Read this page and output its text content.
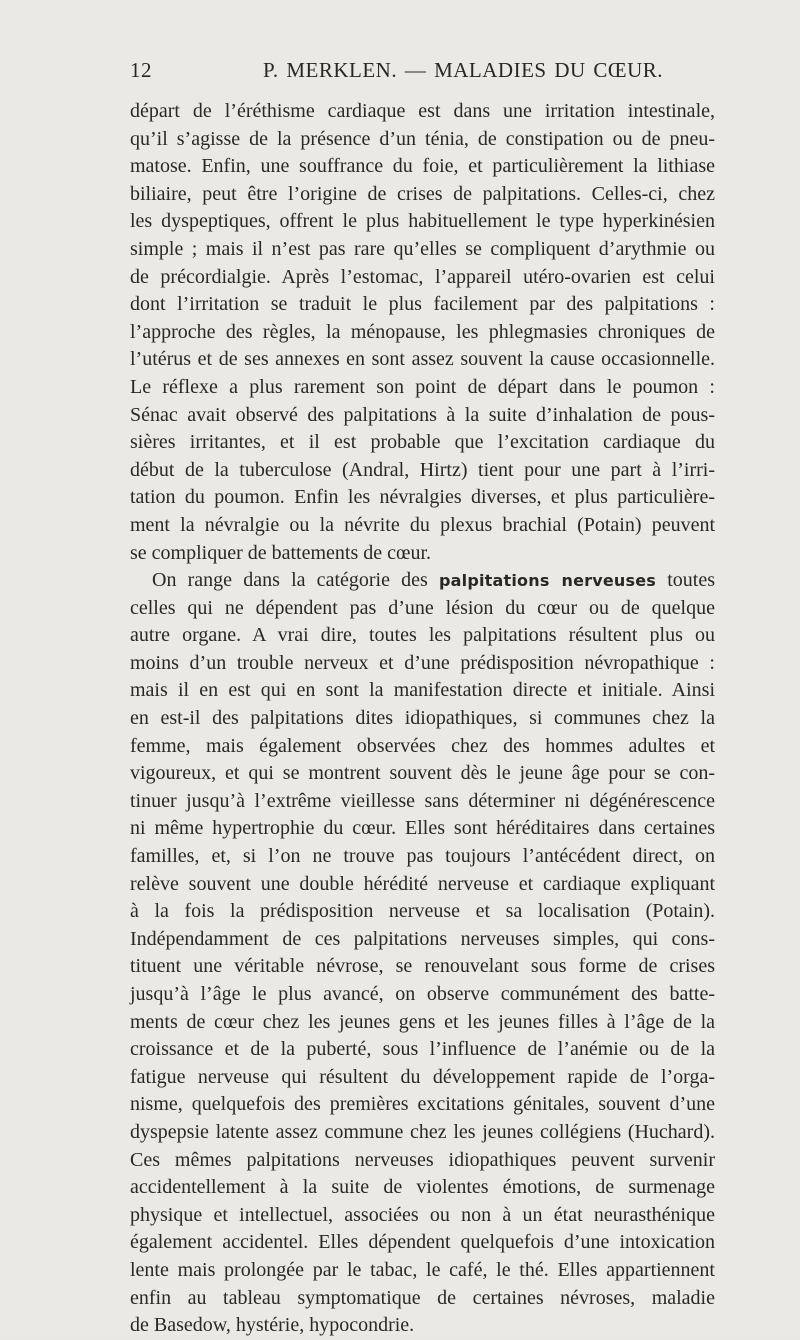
12	P. MERKLEN. — MALADIES DU CŒUR.
départ de l’éréthisme cardiaque est dans une irritation intestinale,
qu’il s’agisse de la présence d’un ténia, de constipation ou de pneu-
matose. Enfin, une souffrance du foie, et particulièrement la lithiase
biliaire, peut être l’origine de crises de palpitations. Celles-ci, chez
les dyspeptiques, offrent le plus habituellement le type hyperkinésien
simple ; mais il n’est pas rare qu’elles se compliquent d’arythmie ou
de précordialgie. Après l’estomac, l’appareil utéro-ovarien est celui
dont l’irritation se traduit le plus facilement par des palpitations :
l’approche des règles, la ménopause, les phlegmasies chroniques de
l’utérus et de ses annexes en sont assez souvent la cause occasionnelle.
Le réflexe a plus rarement son point de départ dans le poumon :
Sénac avait observé des palpitations à la suite d’inhalation de pous-
sières irritantes, et il est probable que l’excitation cardiaque du
début de la tuberculose (Andral, Hirtz) tient pour une part à l’irri-
tation du poumon. Enfin les névralgies diverses, et plus particulière-
ment la névralgie ou la névrite du plexus brachial (Potain) peuvent
se compliquer de battements de cœur.
On range dans la catégorie des palpitations nerveuses toutes
celles qui ne dépendent pas d’une lésion du cœur ou de quelque
autre organe. A vrai dire, toutes les palpitations résultent plus ou
moins d’un trouble nerveux et d’une prédisposition névropathique :
mais il en est qui en sont la manifestation directe et initiale. Ainsi
en est-il des palpitations dites idiopathiques, si communes chez la
femme, mais également observées chez des hommes adultes et
vigoureux, et qui se montrent souvent dès le jeune âge pour se con-
tinuer jusqu’à l’extrême vieillesse sans déterminer ni dégénérescence
ni même hypertrophie du cœur. Elles sont héréditaires dans certaines
familles, et, si l’on ne trouve pas toujours l’antécédent direct, on
relève souvent une double hérédité nerveuse et cardiaque expliquant
à la fois la prédisposition nerveuse et sa localisation (Potain).
Indépendamment de ces palpitations nerveuses simples, qui cons-
tituent une véritable névrose, se renouvelant sous forme de crises
jusqu’à l’âge le plus avancé, on observe communément des batte-
ments de cœur chez les jeunes gens et les jeunes filles à l’âge de la
croissance et de la puberté, sous l’influence de l’anémie ou de la
fatigue nerveuse qui résultent du développement rapide de l’orga-
nisme, quelquefois des premières excitations génitales, souvent d’une
dyspepsie latente assez commune chez les jeunes collégiens (Huchard).
Ces mêmes palpitations nerveuses idiopathiques peuvent survenir
accidentellement à la suite de violentes émotions, de surmenage
physique et intellectuel, associées ou non à un état neurasthénique
également accidentel. Elles dépendent quelquefois d’une intoxication
lente mais prolongée par le tabac, le café, le thé. Elles appartiennent
enfin au tableau symptomatique de certaines névroses, maladie
de Basedow, hystérie, hypocondrie.
